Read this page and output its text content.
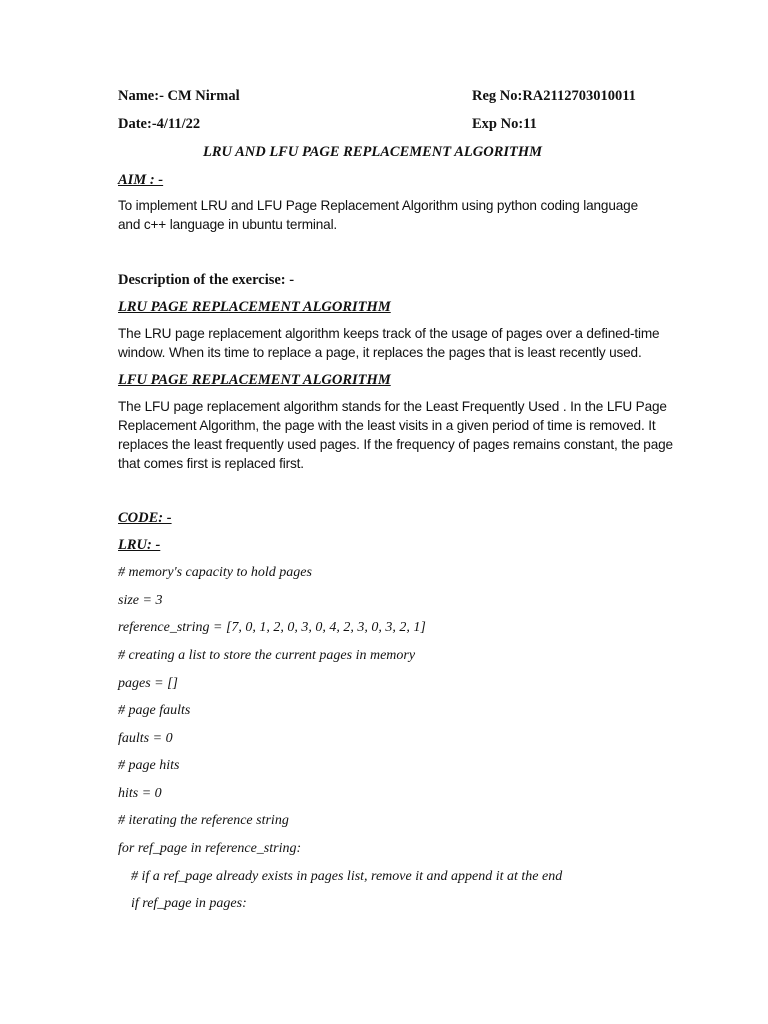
Name:- CM Nirmal	Reg No:RA2112703010011
Date:-4/11/22	Exp No:11
LRU AND LFU PAGE REPLACEMENT ALGORITHM
AIM : -
To implement LRU and LFU Page Replacement Algorithm using python coding language
and c++ language in ubuntu terminal.
Description of the exercise: -
LRU PAGE REPLACEMENT ALGORITHM
The LRU page replacement algorithm keeps track of the usage of pages over a defined-time
window. When its time to replace a page, it replaces the pages that is least recently used.
LFU PAGE REPLACEMENT ALGORITHM
The LFU page replacement algorithm stands for the Least Frequently Used . In the LFU Page
Replacement Algorithm, the page with the least visits in a given period of time is removed. It
replaces the least frequently used pages. If the frequency of pages remains constant, the page
that comes first is replaced first.
CODE: -
LRU: -
# memory's capacity to hold pages
size = 3
reference_string = [7, 0, 1, 2, 0, 3, 0, 4, 2, 3, 0, 3, 2, 1]
# creating a list to store the current pages in memory
pages = []
# page faults
faults = 0
# page hits
hits = 0
# iterating the reference string
for ref_page in reference_string:
# if a ref_page already exists in pages list, remove it and append it at the end
if ref_page in pages:
